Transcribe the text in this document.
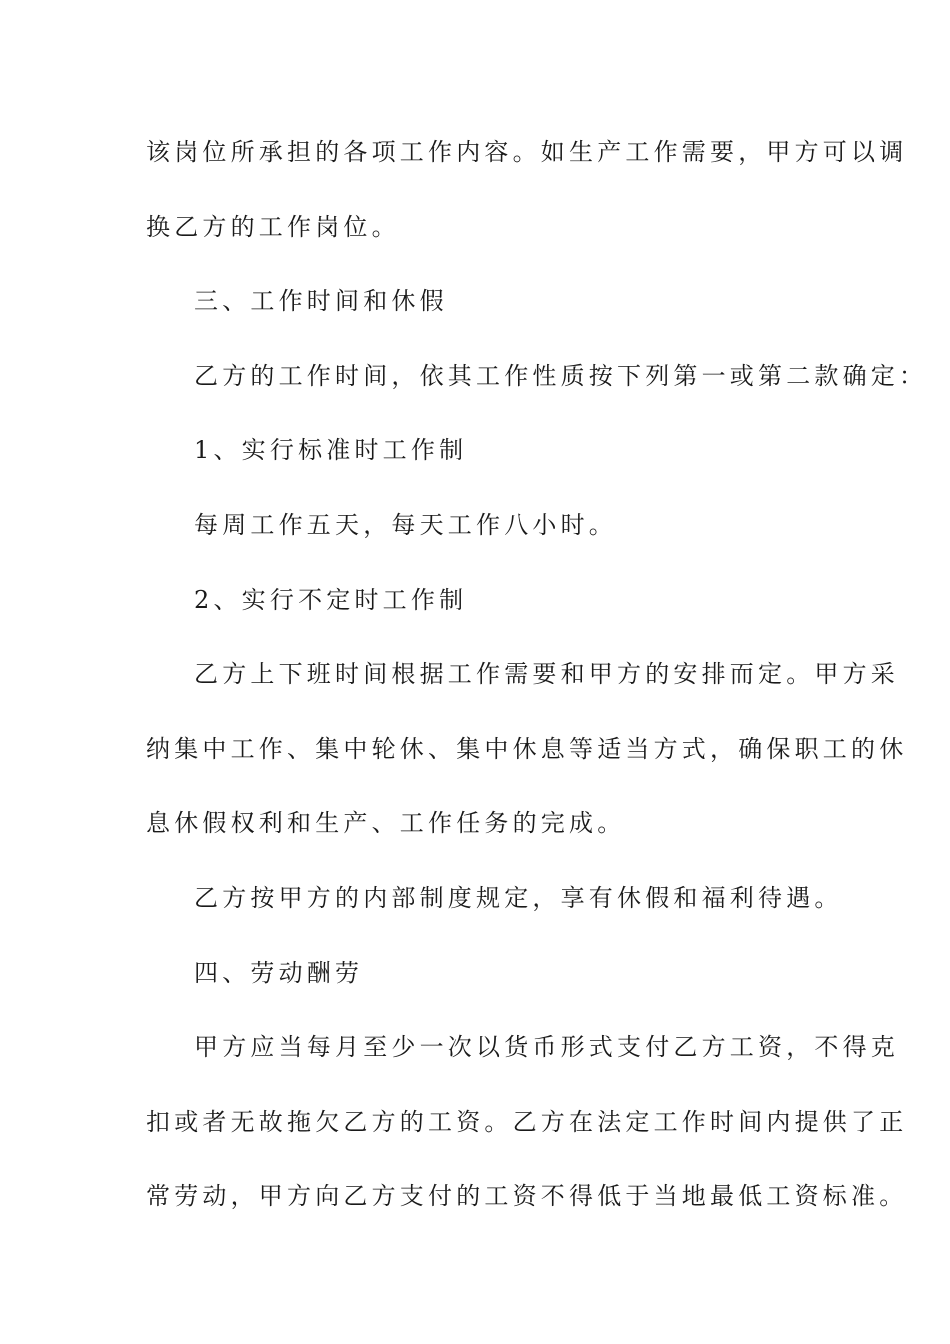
该岗位所承担的各项工作内容。如生产工作需要，甲方可以调
换乙方的工作岗位。
三、工作时间和休假
乙方的工作时间，依其工作性质按下列第一或第二款确定：
1、实行标准时工作制
每周工作五天，每天工作八小时。
2、实行不定时工作制
乙方上下班时间根据工作需要和甲方的安排而定。甲方采
纳集中工作、集中轮休、集中休息等适当方式，确保职工的休
息休假权利和生产、工作任务的完成。
乙方按甲方的内部制度规定，享有休假和福利待遇。
四、劳动酬劳
甲方应当每月至少一次以货币形式支付乙方工资，不得克
扣或者无故拖欠乙方的工资。乙方在法定工作时间内提供了正
常劳动，甲方向乙方支付的工资不得低于当地最低工资标准。
